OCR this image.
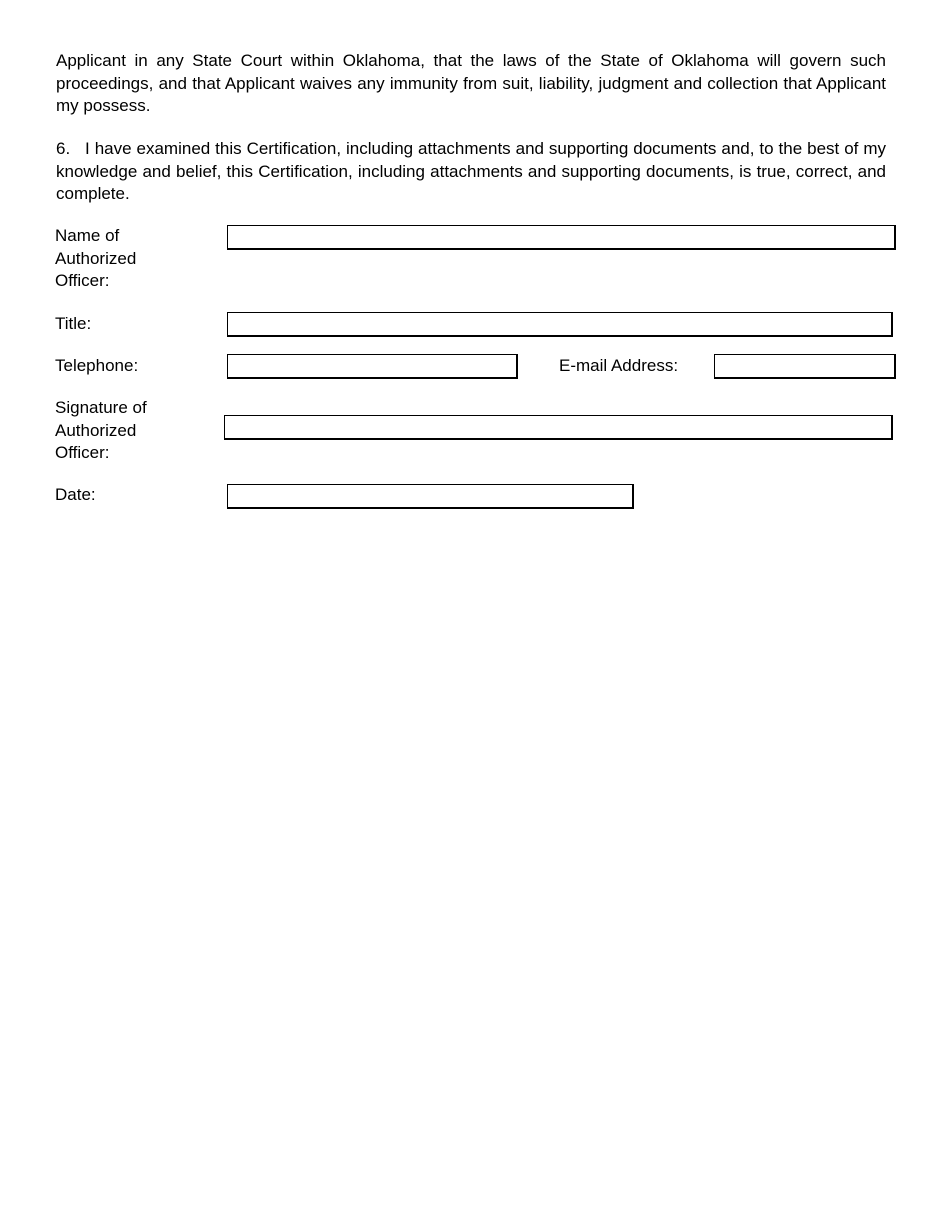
Applicant in any State Court within Oklahoma, that the laws of the State of Oklahoma will govern such proceedings, and that Applicant waives any immunity from suit, liability, judgment and collection that Applicant my possess.

6.   I have examined this Certification, including attachments and supporting documents and, to the best of my knowledge and belief, this Certification, including attachments and supporting documents, is true, correct, and complete.

Name of
Authorized
Officer:
Title:
Telephone:	E-mail Address:
Signature of
Authorized
Officer:
Date:
